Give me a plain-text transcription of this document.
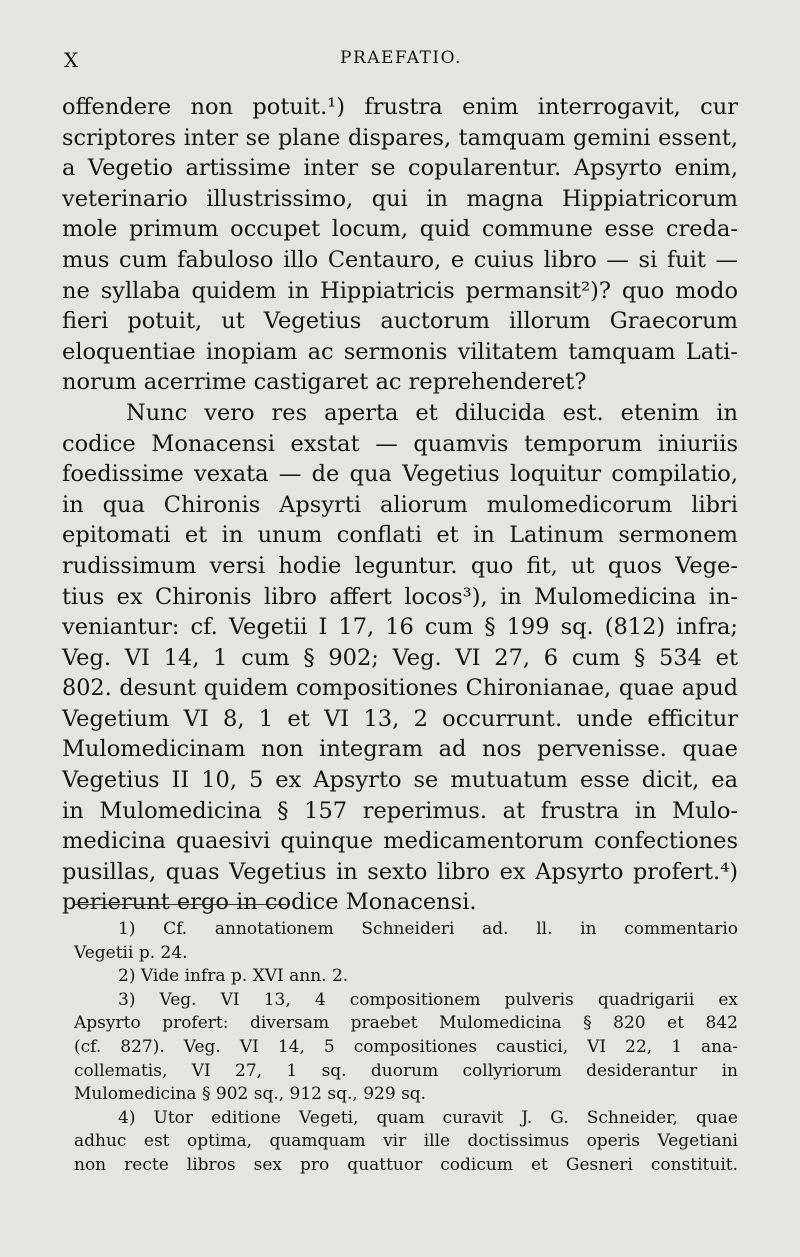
X	PRAEFATIO.
offendere non potuit.¹) frustra enim interrogavit, cur
scriptores inter se plane dispares, tamquam gemini essent,
a Vegetio artissime inter se copularentur. Apsyrto enim,
veterinario illustrissimo, qui in magna Hippiatricorum
mole primum occupet locum, quid commune esse creda-
mus cum fabuloso illo Centauro, e cuius libro — si fuit —
ne syllaba quidem in Hippiatricis permansit²)? quo modo
fieri potuit, ut Vegetius auctorum illorum Graecorum
eloquentiae inopiam ac sermonis vilitatem tamquam Lati-
norum acerrime castigaret ac reprehenderet?
Nunc vero res aperta et dilucida est. etenim in
codice Monacensi exstat — quamvis temporum iniuriis
foedissime vexata — de qua Vegetius loquitur compilatio,
in qua Chironis Apsyrti aliorum mulomedicorum libri
epitomati et in unum conflati et in Latinum sermonem
rudissimum versi hodie leguntur. quo fit, ut quos Vege-
tius ex Chironis libro affert locos³), in Mulomedicina in-
veniantur: cf. Vegetii I 17, 16 cum § 199 sq. (812) infra;
Veg. VI 14, 1 cum § 902; Veg. VI 27, 6 cum § 534 et
802. desunt quidem compositiones Chironianae, quae apud
Vegetium VI 8, 1 et VI 13, 2 occurrunt. unde efficitur
Mulomedicinam non integram ad nos pervenisse. quae
Vegetius II 10, 5 ex Apsyrto se mutuatum esse dicit, ea
in Mulomedicina § 157 reperimus. at frustra in Mulo-
medicina quaesivi quinque medicamentorum confectiones
pusillas, quas Vegetius in sexto libro ex Apsyrto profert.⁴)
perierunt ergo in codice Monacensi.
1) Cf. annotationem Schneideri ad. ll. in commentario
Vegetii p. 24.
2) Vide infra p. XVI ann. 2.
3) Veg. VI 13, 4 compositionem pulveris quadrigarii ex
Apsyrto profert: diversam praebet Mulomedicina § 820 et 842
(cf. 827). Veg. VI 14, 5 compositiones caustici, VI 22, 1 ana-
collematis, VI 27, 1 sq. duorum collyriorum desiderantur in
Mulomedicina § 902 sq., 912 sq., 929 sq.
4) Utor editione Vegeti, quam curavit J. G. Schneider, quae
adhuc est optima, quamquam vir ille doctissimus operis Vegetiani
non recte libros sex pro quattuor codicum et Gesneri constituit.
